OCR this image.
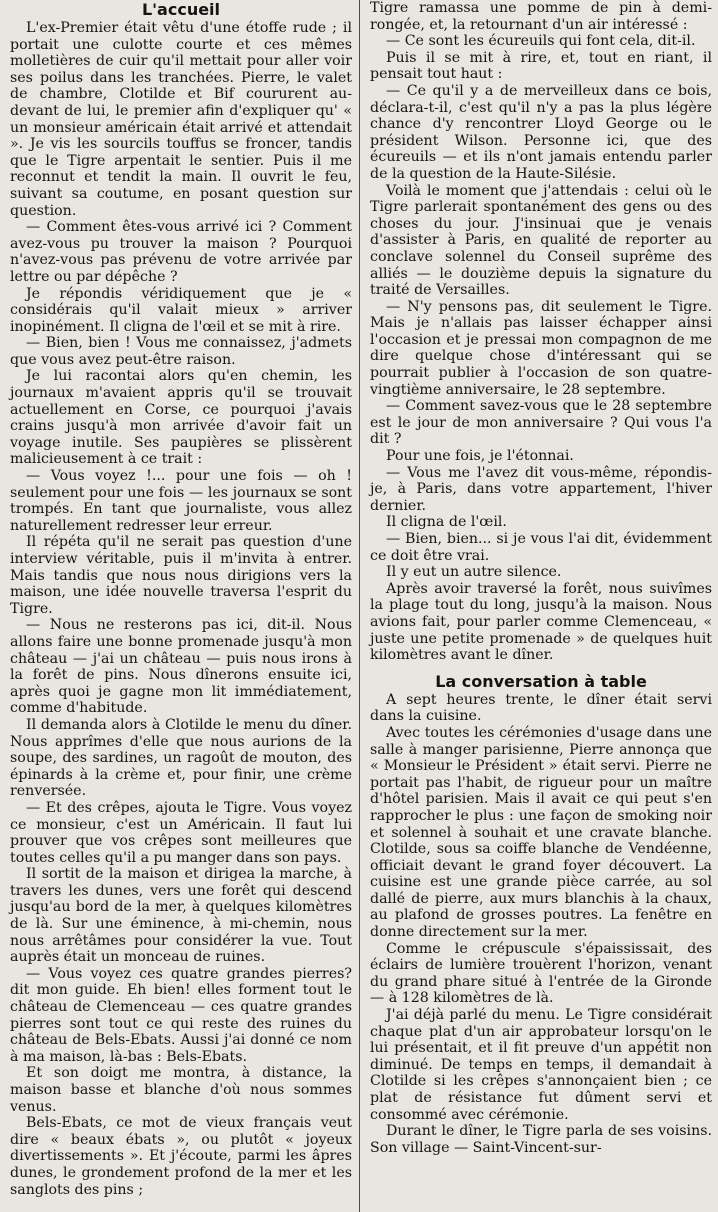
L'accueil

L'ex-Premier était vêtu d'une étoffe rude ; il portait une culotte courte et ces mêmes molletières de cuir qu'il mettait pour aller voir ses poilus dans les tranchées. Pierre, le valet de chambre, Clotilde et Bif coururent au-devant de lui, le premier afin d'expliquer qu' « un monsieur américain était arrivé et attendait ». Je vis les sourcils touffus se froncer, tandis que le Tigre arpentait le sentier. Puis il me reconnut et tendit la main. Il ouvrit le feu, suivant sa coutume, en posant question sur question.

— Comment êtes-vous arrivé ici ? Comment avez-vous pu trouver la maison ? Pourquoi n'avez-vous pas prévenu de votre arrivée par lettre ou par dépêche ?

Je répondis véridiquement que je « considérais qu'il valait mieux » arriver inopinément. Il cligna de l'œil et se mit à rire.

— Bien, bien ! Vous me connaissez, j'admets que vous avez peut-être raison.

Je lui racontai alors qu'en chemin, les journaux m'avaient appris qu'il se trouvait actuellement en Corse, ce pourquoi j'avais crains jusqu'à mon arrivée d'avoir fait un voyage inutile. Ses paupières se plissèrent malicieusement à ce trait :

— Vous voyez !... pour une fois — oh ! seulement pour une fois — les journaux se sont trompés. En tant que journaliste, vous allez naturellement redresser leur erreur.

Il répéta qu'il ne serait pas question d'une interview véritable, puis il m'invita à entrer. Mais tandis que nous nous dirigions vers la maison, une idée nouvelle traversa l'esprit du Tigre.

— Nous ne resterons pas ici, dit-il. Nous allons faire une bonne promenade jusqu'à mon château — j'ai un château — puis nous irons à la forêt de pins. Nous dînerons ensuite ici, après quoi je gagne mon lit immédiatement, comme d'habitude.

Il demanda alors à Clotilde le menu du dîner. Nous apprîmes d'elle que nous aurions de la soupe, des sardines, un ragoût de mouton, des épinards à la crème et, pour finir, une crème renversée.

— Et des crêpes, ajouta le Tigre. Vous voyez ce monsieur, c'est un Américain. Il faut lui prouver que vos crêpes sont meilleures que toutes celles qu'il a pu manger dans son pays.

Il sortit de la maison et dirigea la marche, à travers les dunes, vers une forêt qui descend jusqu'au bord de la mer, à quelques kilomètres de là. Sur une éminence, à mi-chemin, nous nous arrêtâmes pour considérer la vue. Tout auprès était un monceau de ruines.

— Vous voyez ces quatre grandes pierres? dit mon guide. Eh bien! elles forment tout le château de Clemenceau — ces quatre grandes pierres sont tout ce qui reste des ruines du château de Bels-Ebats. Aussi j'ai donné ce nom à ma maison, là-bas : Bels-Ebats.

Et son doigt me montra, à distance, la maison basse et blanche d'où nous sommes venus.

Bels-Ebats, ce mot de vieux français veut dire « beaux ébats », ou plutôt « joyeux divertissements ». Et j'écoute, parmi les âpres dunes, le grondement profond de la mer et les sanglots des pins ;

Tigre ramassa une pomme de pin à demi-rongée, et, la retournant d'un air intéressé :

— Ce sont les écureuils qui font cela, dit-il.

Puis il se mit à rire, et, tout en riant, il pensait tout haut :

— Ce qu'il y a de merveilleux dans ce bois, déclara-t-il, c'est qu'il n'y a pas la plus légère chance d'y rencontrer Lloyd George ou le président Wilson. Personne ici, que des écureuils — et ils n'ont jamais entendu parler de la question de la Haute-Silésie.

Voilà le moment que j'attendais : celui où le Tigre parlerait spontanément des gens ou des choses du jour. J'insinuai que je venais d'assister à Paris, en qualité de reporter au conclave solennel du Conseil suprême des alliés — le douzième depuis la signature du traité de Versailles.

— N'y pensons pas, dit seulement le Tigre. Mais je n'allais pas laisser échapper ainsi l'occasion et je pressai mon compagnon de me dire quelque chose d'intéressant qui se pourrait publier à l'occasion de son quatre-vingtième anniversaire, le 28 septembre.

— Comment savez-vous que le 28 septembre est le jour de mon anniversaire ? Qui vous l'a dit ?

Pour une fois, je l'étonnai.

— Vous me l'avez dit vous-même, répondis-je, à Paris, dans votre appartement, l'hiver dernier.

Il cligna de l'œil.

— Bien, bien... si je vous l'ai dit, évidemment ce doit être vrai.

Il y eut un autre silence.

Après avoir traversé la forêt, nous suivîmes la plage tout du long, jusqu'à la maison. Nous avions fait, pour parler comme Clemenceau, « juste une petite promenade » de quelques huit kilomètres avant le dîner.

La conversation à table

A sept heures trente, le dîner était servi dans la cuisine.

Avec toutes les cérémonies d'usage dans une salle à manger parisienne, Pierre annonça que « Monsieur le Président » était servi. Pierre ne portait pas l'habit, de rigueur pour un maître d'hôtel parisien. Mais il avait ce qui peut s'en rapprocher le plus : une façon de smoking noir et solennel à souhait et une cravate blanche. Clotilde, sous sa coiffe blanche de Vendéenne, officiait devant le grand foyer découvert. La cuisine est une grande pièce carrée, au sol dallé de pierre, aux murs blanchis à la chaux, au plafond de grosses poutres. La fenêtre en donne directement sur la mer.

Comme le crépuscule s'épaississait, des éclairs de lumière trouèrent l'horizon, venant du grand phare situé à l'entrée de la Gironde — à 128 kilomètres de là.

J'ai déjà parlé du menu. Le Tigre considérait chaque plat d'un air approbateur lorsqu'on le lui présentait, et il fit preuve d'un appétit non diminué. De temps en temps, il demandait à Clotilde si les crêpes s'annonçaient bien ; ce plat de résistance fut dûment servi et consommé avec cérémonie.

Durant le dîner, le Tigre parla de ses voisins. Son village — Saint-Vincent-sur-
